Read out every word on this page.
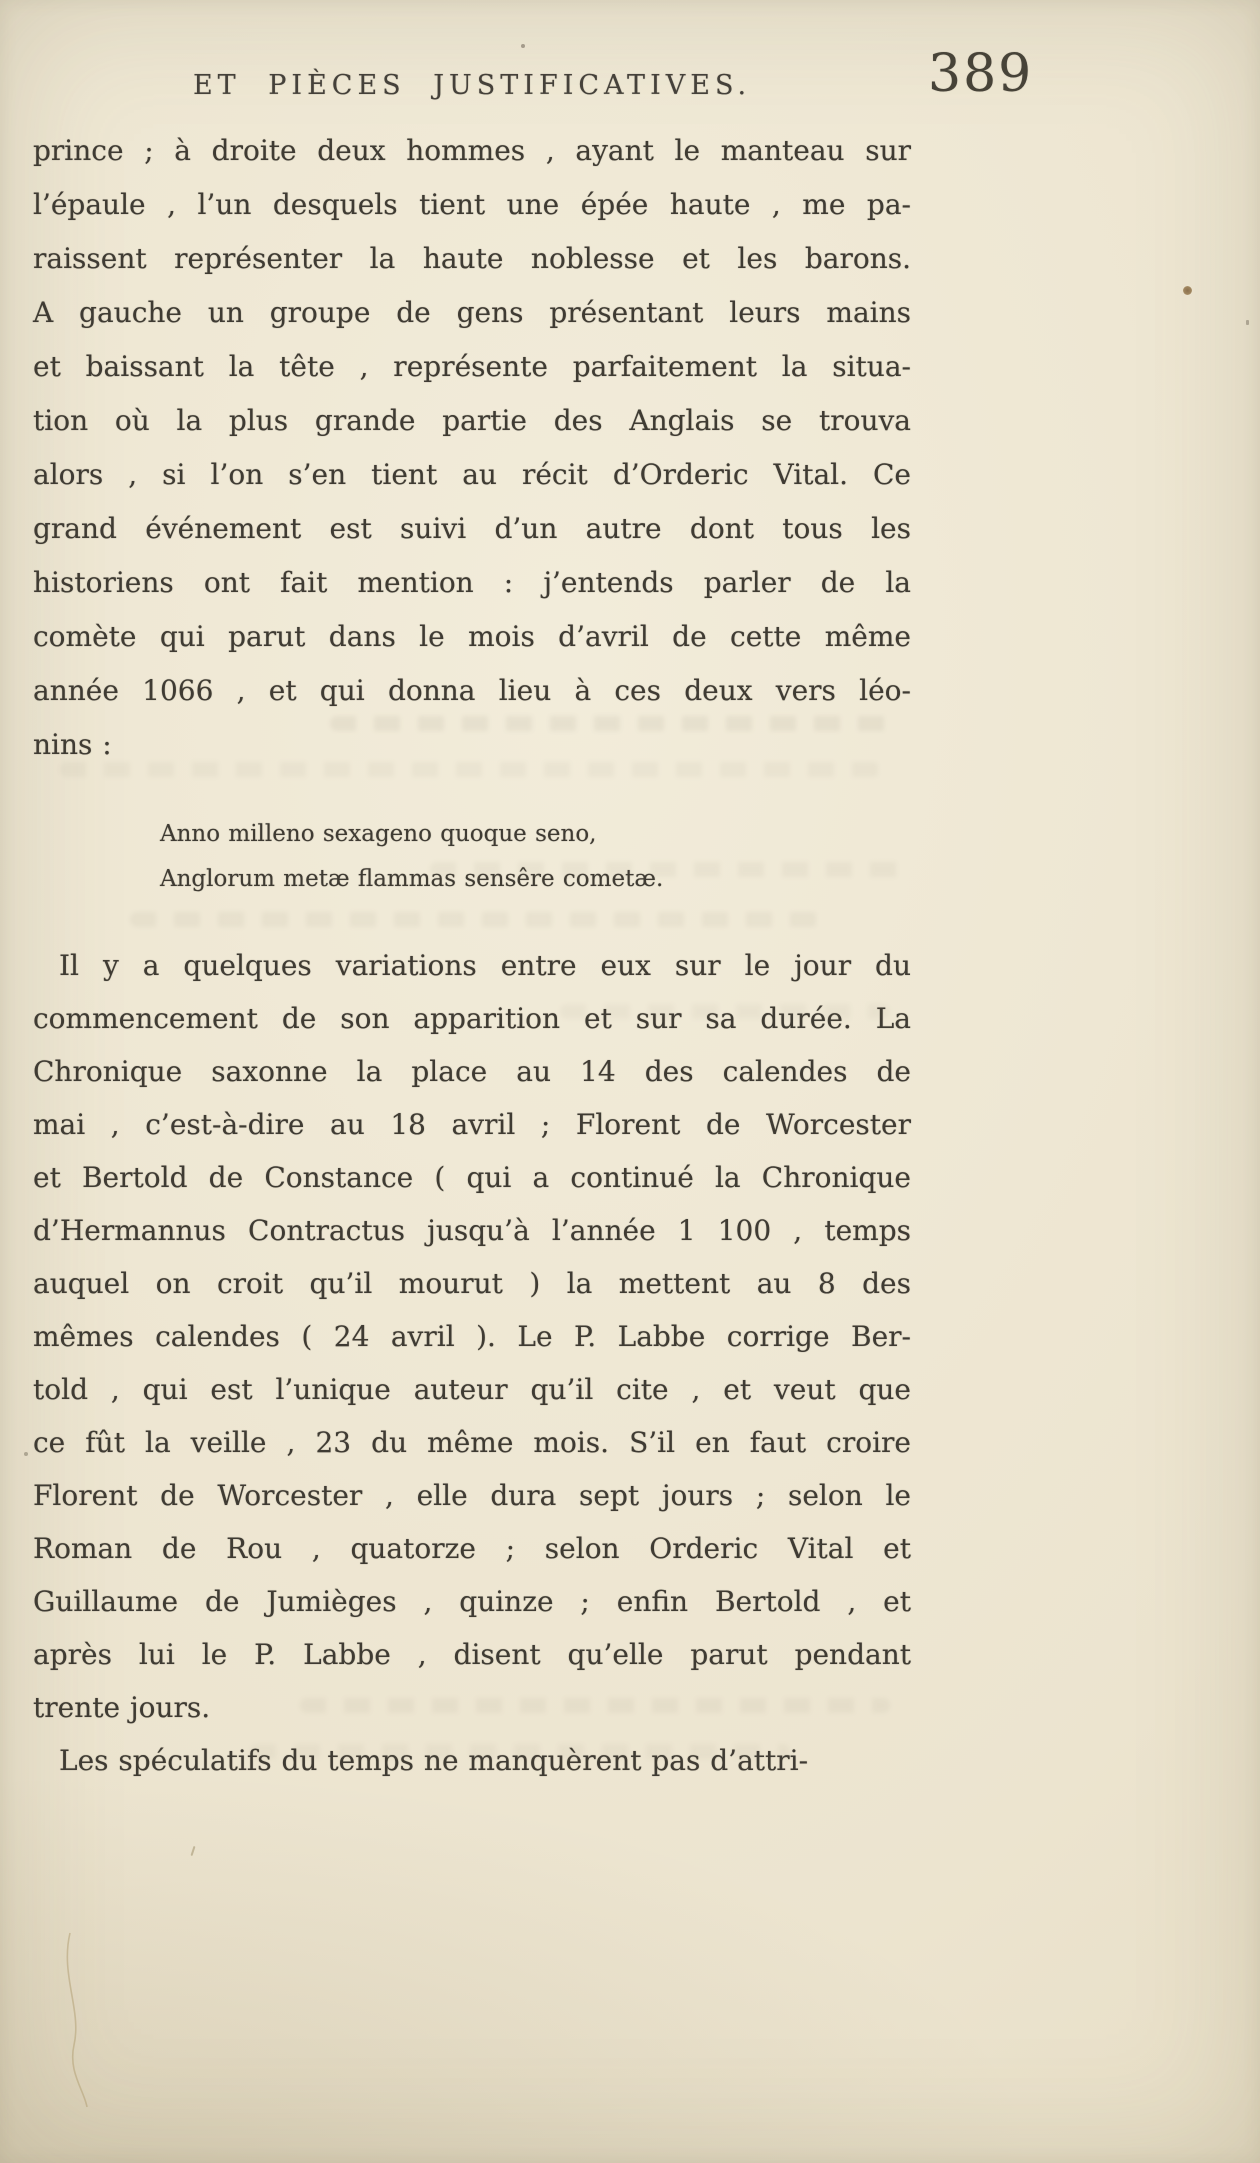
ET PIÈCES JUSTIFICATIVES.	389
prince ; à droite deux hommes , ayant le manteau sur
l’épaule , l’un desquels tient une épée haute , me pa-
raissent représenter la haute noblesse et les barons.
A gauche un groupe de gens présentant leurs mains
et baissant la tête , représente parfaitement la situa-
tion où la plus grande partie des Anglais se trouva
alors , si l’on s’en tient au récit d’Orderic Vital. Ce
grand événement est suivi d’un autre dont tous les
historiens ont fait mention : j’entends parler de la
comète qui parut dans le mois d’avril de cette même
année 1066 , et qui donna lieu à ces deux vers léo-
nins :
Anno milleno sexageno quoque seno,
Anglorum metæ flammas sensêre cometæ.
Il y a quelques variations entre eux sur le jour du
commencement de son apparition et sur sa durée. La
Chronique saxonne la place au 14 des calendes de
mai , c’est-à-dire au 18 avril ; Florent de Worcester
et Bertold de Constance ( qui a continué la Chronique
d’Hermannus Contractus jusqu’à l’année 1 100 , temps
auquel on croit qu’il mourut ) la mettent au 8 des
mêmes calendes ( 24 avril ). Le P. Labbe corrige Ber-
told , qui est l’unique auteur qu’il cite , et veut que
ce fût la veille , 23 du même mois. S’il en faut croire
Florent de Worcester , elle dura sept jours ; selon le
Roman de Rou , quatorze ; selon Orderic Vital et
Guillaume de Jumièges , quinze ; enfin Bertold , et
après lui le P. Labbe , disent qu’elle parut pendant
trente jours.
Les spéculatifs du temps ne manquèrent pas d’attri-
